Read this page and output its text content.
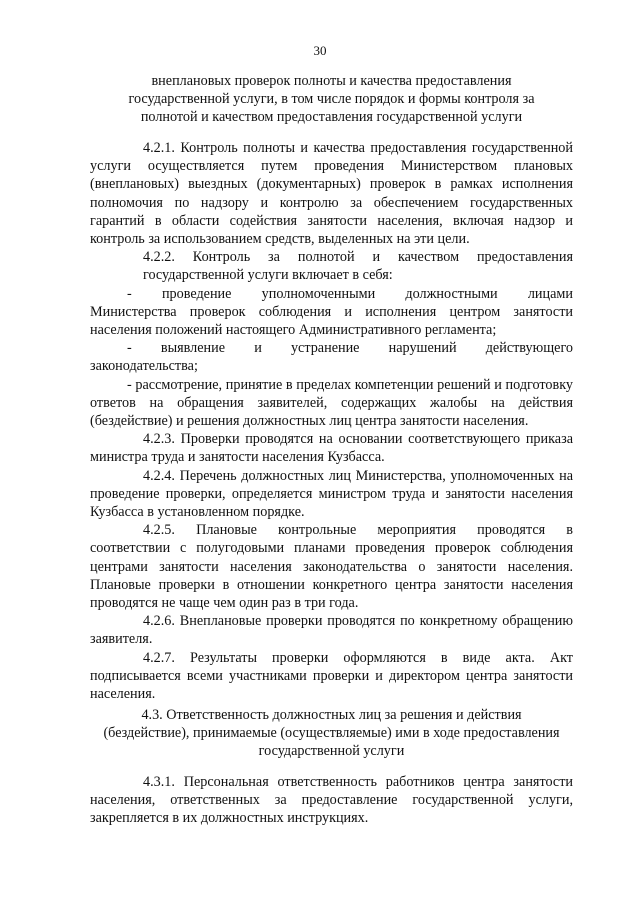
30
внеплановых проверок полноты и качества предоставления
государственной услуги, в том числе порядок и формы контроля за
полнотой и качеством предоставления государственной услуги

4.2.1. Контроль полноты и качества предоставления государственной услуги осуществляется путем проведения Министерством плановых (внеплановых) выездных (документарных) проверок в рамках исполнения полномочия по надзору и контролю за обеспечением государственных гарантий в области содействия занятости населения, включая надзор и контроль за использованием средств, выделенных на эти цели.

4.2.2. Контроль за полнотой и качеством предоставления
государственной услуги включает в себя:

- проведение уполномоченными должностными лицами
Министерства проверок соблюдения и исполнения центром занятости населения положений настоящего Административного регламента;

- выявление и устранение нарушений действующего
законодательства;

- рассмотрение, принятие в пределах компетенции решений и подготовку ответов на обращения заявителей, содержащих жалобы на действия (бездействие) и решения должностных лиц центра занятости населения.

4.2.3. Проверки проводятся на основании соответствующего приказа министра труда и занятости населения Кузбасса.

4.2.4. Перечень должностных лиц Министерства, уполномоченных на проведение проверки, определяется министром труда и занятости населения Кузбасса в установленном порядке.

4.2.5. Плановые контрольные мероприятия проводятся в
соответствии с полугодовыми планами проведения проверок соблюдения центрами занятости населения законодательства о занятости населения. Плановые проверки в отношении конкретного центра занятости населения проводятся не чаще чем один раз в три года.

4.2.6. Внеплановые проверки проводятся по конкретному обращению заявителя.

4.2.7. Результаты проверки оформляются в виде акта. Акт
подписывается всеми участниками проверки и директором центра занятости населения.

4.3. Ответственность должностных лиц за решения и действия
(бездействие), принимаемые (осуществляемые) ими в ходе предоставления
государственной услуги

4.3.1. Персональная ответственность работников центра занятости населения, ответственных за предоставление государственной услуги, закрепляется в их должностных инструкциях.
